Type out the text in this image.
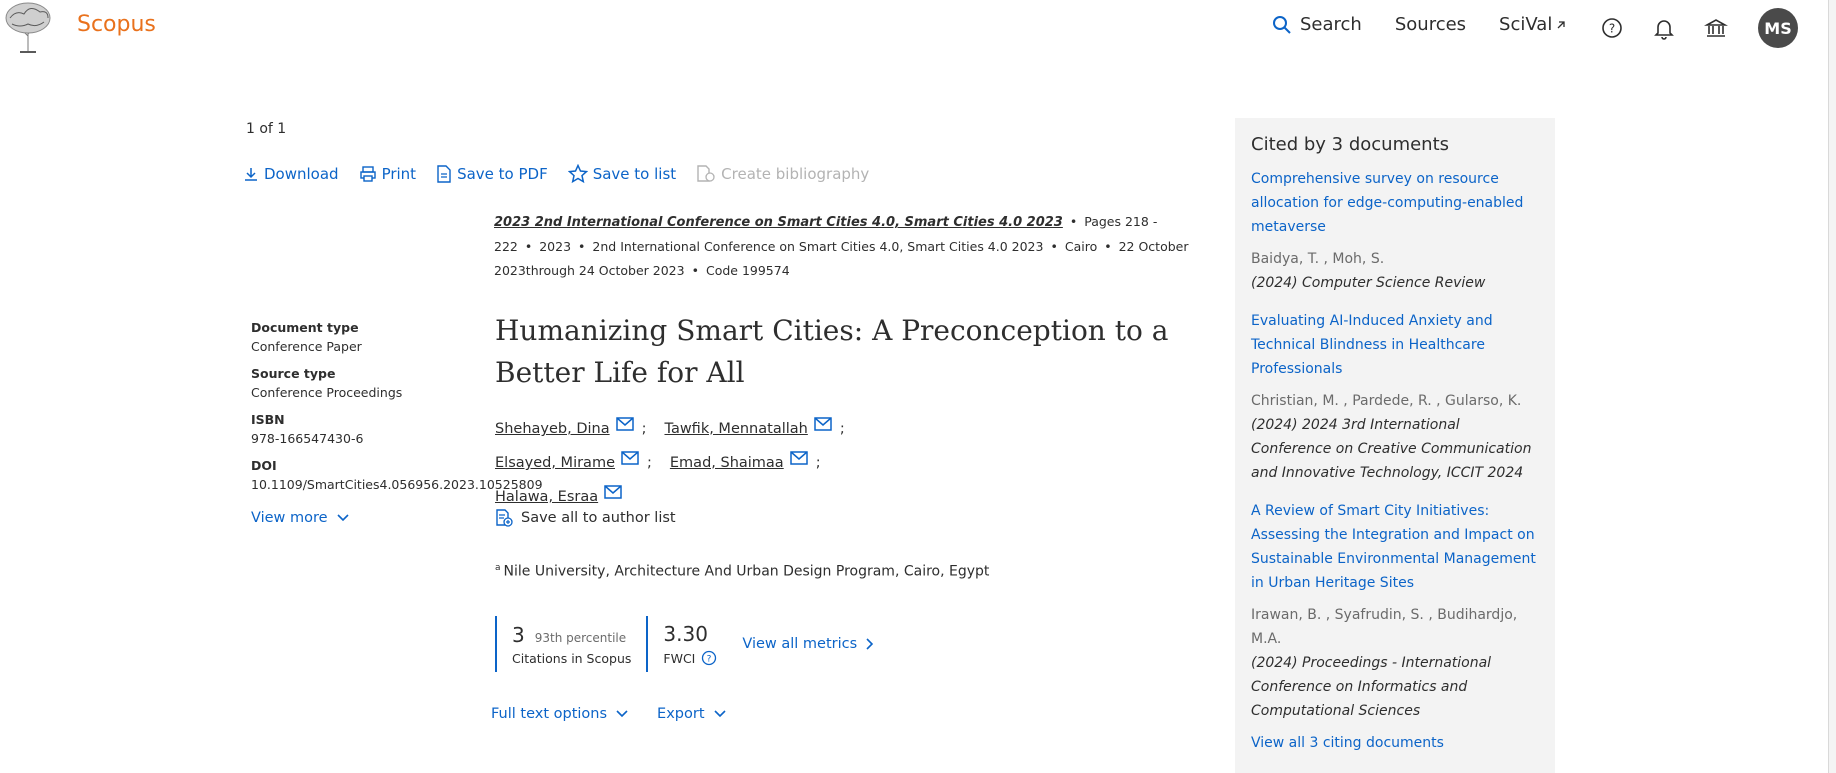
Scopus	Search Sources SciVal	?	MS
1 of 1
Download	Print	Save to PDF	Save to list	Create bibliography
2023 2nd International Conference on Smart Cities 4.0, Smart Cities 4.0 2023 • Pages 218 - 222 • 2023 • 2nd International Conference on Smart Cities 4.0, Smart Cities 4.0 2023 • Cairo • 22 October 2023through 24 October 2023 • Code 199574
Document type
Conference Paper
Source type
Conference Proceedings
ISBN
978-166547430-6
DOI
10.1109/SmartCities4.056956.2023.10525809
View more
Humanizing Smart Cities: A Preconception to a Better Life for All
Shehayeb, Dina ; Tawfik, Mennatallah ;
Elsayed, Mirame ; Emad, Shaimaa ;
Halawa, Esraa
Save all to author list
$^a$ Nile University, Architecture And Urban Design Program, Cairo, Egypt
3 93th percentile
Citations in Scopus
3.30
FWCI ?
View all metrics
Full text options	Export
Cited by 3 documents
Comprehensive survey on resource allocation for edge-computing-enabled metaverse
Baidya, T. , Moh, S.
(2024) Computer Science Review
Evaluating AI-Induced Anxiety and Technical Blindness in Healthcare Professionals
Christian, M. , Pardede, R. , Gularso, K.
(2024) 2024 3rd International Conference on Creative Communication and Innovative Technology, ICCIT 2024
A Review of Smart City Initiatives: Assessing the Integration and Impact on Sustainable Environmental Management in Urban Heritage Sites
Irawan, B. , Syafrudin, S. , Budihardjo, M.A.
(2024) Proceedings - International Conference on Informatics and Computational Sciences
View all 3 citing documents
